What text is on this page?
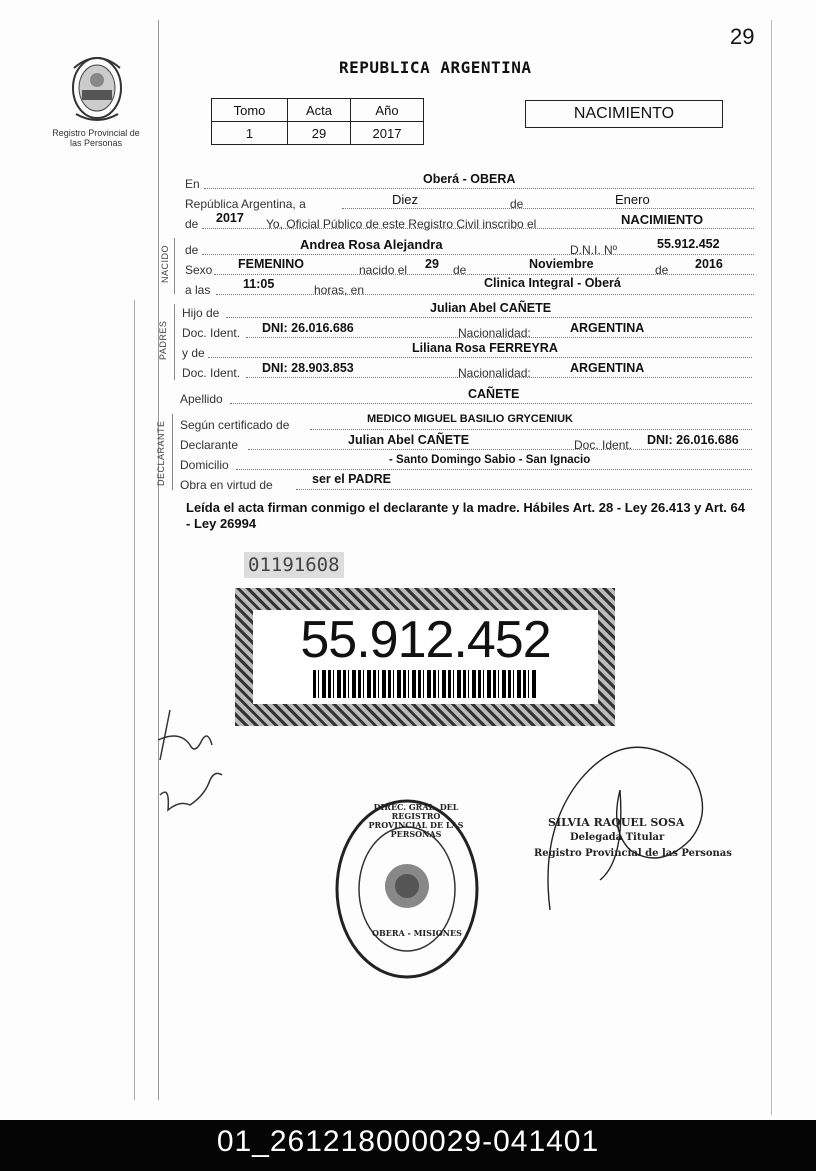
29
Registro Provincial de las Personas
REPUBLICA ARGENTINA
Tomo	Acta	Año
1	29	2017
NACIMIENTO
En	Oberá - OBERA
República Argentina, a	Diez	de	Enero
de 2017 Yo, Oficial Público de este Registro Civil inscribo el	NACIMIENTO
NACIDO de	Andrea Rosa Alejandra	D.N.I. Nº	55.912.452
Sexo FEMENINO	nacido el 29 de	Noviembre	de 2016
a las	11:05	horas, en	Clinica Integral - Oberá
PADRES
Hijo de	Julian Abel CAÑETE
Doc. Ident. DNI: 26.016.686	Nacionalidad:	ARGENTINA
y de	Liliana Rosa FERREYRA
Doc. Ident. DNI: 28.903.853	Nacionalidad:	ARGENTINA
Apellido	CAÑETE
DECLARANTE Según certificado de	MEDICO MIGUEL BASILIO GRYCENIUK
Declarante	Julian Abel CAÑETE	Doc. Ident. DNI: 26.016.686
Domicilio	- Santo Domingo Sabio - San Ignacio
Obra en virtud de	ser el PADRE
Leída el acta firman conmigo el declarante y la madre. Hábiles Art. 28 - Ley 26.413 y Art. 64 - Ley 26994
01191608
55.912.452
SILVIA RAQUEL SOSA
Delegada Titular
Registro Provincial de las Personas
DIREC. GRAL. DEL REGISTRO PROVINCIAL DE LAS PERSONAS
OBERA - MISIONES
01_261218000029-041401
